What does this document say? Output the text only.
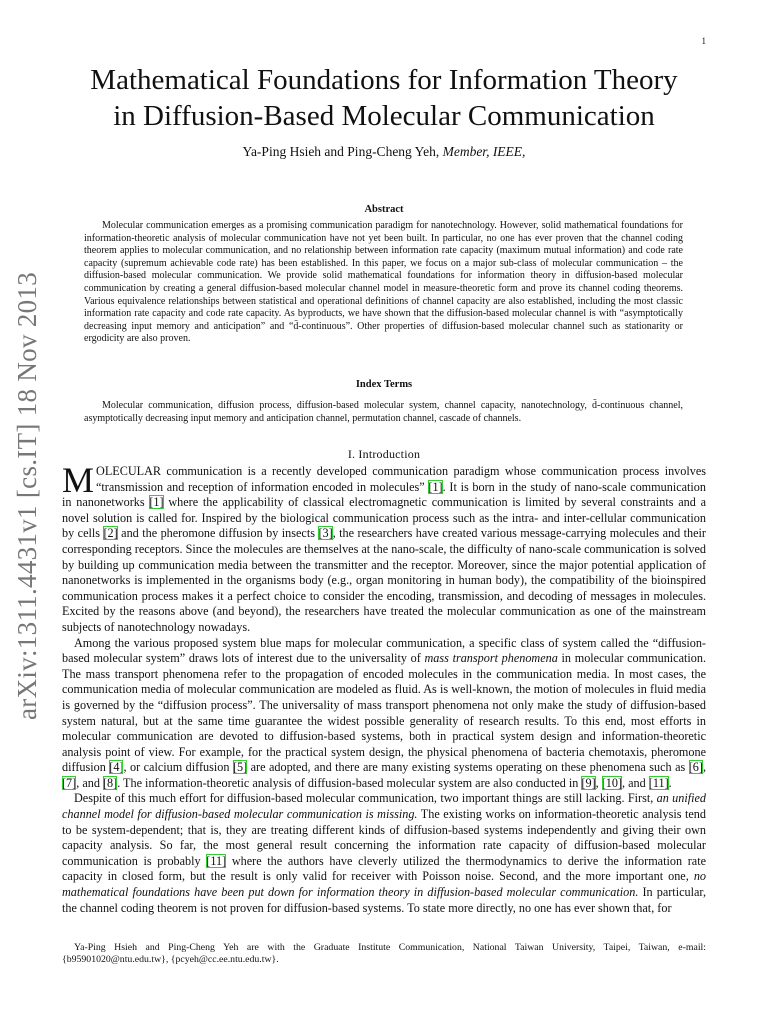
1
arXiv:1311.4431v1 [cs.IT] 18 Nov 2013
Mathematical Foundations for Information Theory
in Diffusion-Based Molecular Communication
Ya-Ping Hsieh and Ping-Cheng Yeh, Member, IEEE,
Abstract
Molecular communication emerges as a promising communication paradigm for nanotechnology. However, solid mathematical foundations for information-theoretic analysis of molecular communication have not yet been built. In particular, no one has ever proven that the channel coding theorem applies to molecular communication, and no relationship between information rate capacity (maximum mutual information) and code rate capacity (supremum achievable code rate) has been established. In this paper, we focus on a major sub-class of molecular communication – the diffusion-based molecular communication. We provide solid mathematical foundations for information theory in diffusion-based molecular communication by creating a general diffusion-based molecular channel model in measure-theoretic form and prove its channel coding theorems. Various equivalence relationships between statistical and operational definitions of channel capacity are also established, including the most classic information rate capacity and code rate capacity. As byproducts, we have shown that the diffusion-based molecular channel is with “asymptotically decreasing input memory and anticipation” and “d̄-continuous”. Other properties of diffusion-based molecular channel such as stationarity or ergodicity are also proven.
Index Terms
Molecular communication, diffusion process, diffusion-based molecular system, channel capacity, nanotechnology, d̄-continuous channel, asymptotically decreasing input memory and anticipation channel, permutation channel, cascade of channels.
I. Introduction

MOLECULAR communication is a recently developed communication paradigm whose communication process involves “transmission and reception of information encoded in molecules” [1]. It is born in the study of nano-scale communication in nanonetworks [1] where the applicability of classical electromagnetic communication is limited by several constraints and a novel solution is called for. Inspired by the biological communication process such as the intra- and inter-cellular communication by cells [2] and the pheromone diffusion by insects [3], the researchers have created various message-carrying molecules and their corresponding receptors. Since the molecules are themselves at the nano-scale, the difficulty of nano-scale communication is solved by building up communication media between the transmitter and the receptor. Moreover, since the major potential application of nanonetworks is implemented in the organisms body (e.g., organ monitoring in human body), the compatibility of the bioinspired communication process makes it a perfect choice to consider the encoding, transmission, and decoding of messages in molecules. Excited by the reasons above (and beyond), the researchers have treated the molecular communication as one of the mainstream subjects of nanotechnology nowadays.

Among the various proposed system blue maps for molecular communication, a specific class of system called the “diffusion-based molecular system” draws lots of interest due to the universality of mass transport phenomena in molecular communication. The mass transport phenomena refer to the propagation of encoded molecules in the communication media. In most cases, the communication media of molecular communication are modeled as fluid. As is well-known, the motion of molecules in fluid media is governed by the “diffusion process”. The universality of mass transport phenomena not only make the study of diffusion-based system natural, but at the same time guarantee the widest possible generality of research results. To this end, most efforts in molecular communication are devoted to diffusion-based systems, both in practical system design and information-theoretic analysis point of view. For example, for the practical system design, the physical phenomena of bacteria chemotaxis, pheromone diffusion [4], or calcium diffusion [5] are adopted, and there are many existing systems operating on these phenomena such as [6], [7], and [8]. The information-theoretic analysis of diffusion-based molecular system are also conducted in [9], [10], and [11].

Despite of this much effort for diffusion-based molecular communication, two important things are still lacking. First, an unified channel model for diffusion-based molecular communication is missing. The existing works on information-theoretic analysis tend to be system-dependent; that is, they are treating different kinds of diffusion-based systems independently and giving their own capacity analysis. So far, the most general result concerning the information rate capacity of diffusion-based molecular communication is probably [11] where the authors have cleverly utilized the thermodynamics to derive the information rate capacity in closed form, but the result is only valid for receiver with Poisson noise. Second, and the more important one, no mathematical foundations have been put down for information theory in diffusion-based molecular communication. In particular, the channel coding theorem is not proven for diffusion-based systems. To state more directly, no one has ever shown that, for

Ya-Ping Hsieh and Ping-Cheng Yeh are with the Graduate Institute Communication, National Taiwan University, Taipei, Taiwan, e-mail: {b95901020@ntu.edu.tw}, {pcyeh@cc.ee.ntu.edu.tw}.
